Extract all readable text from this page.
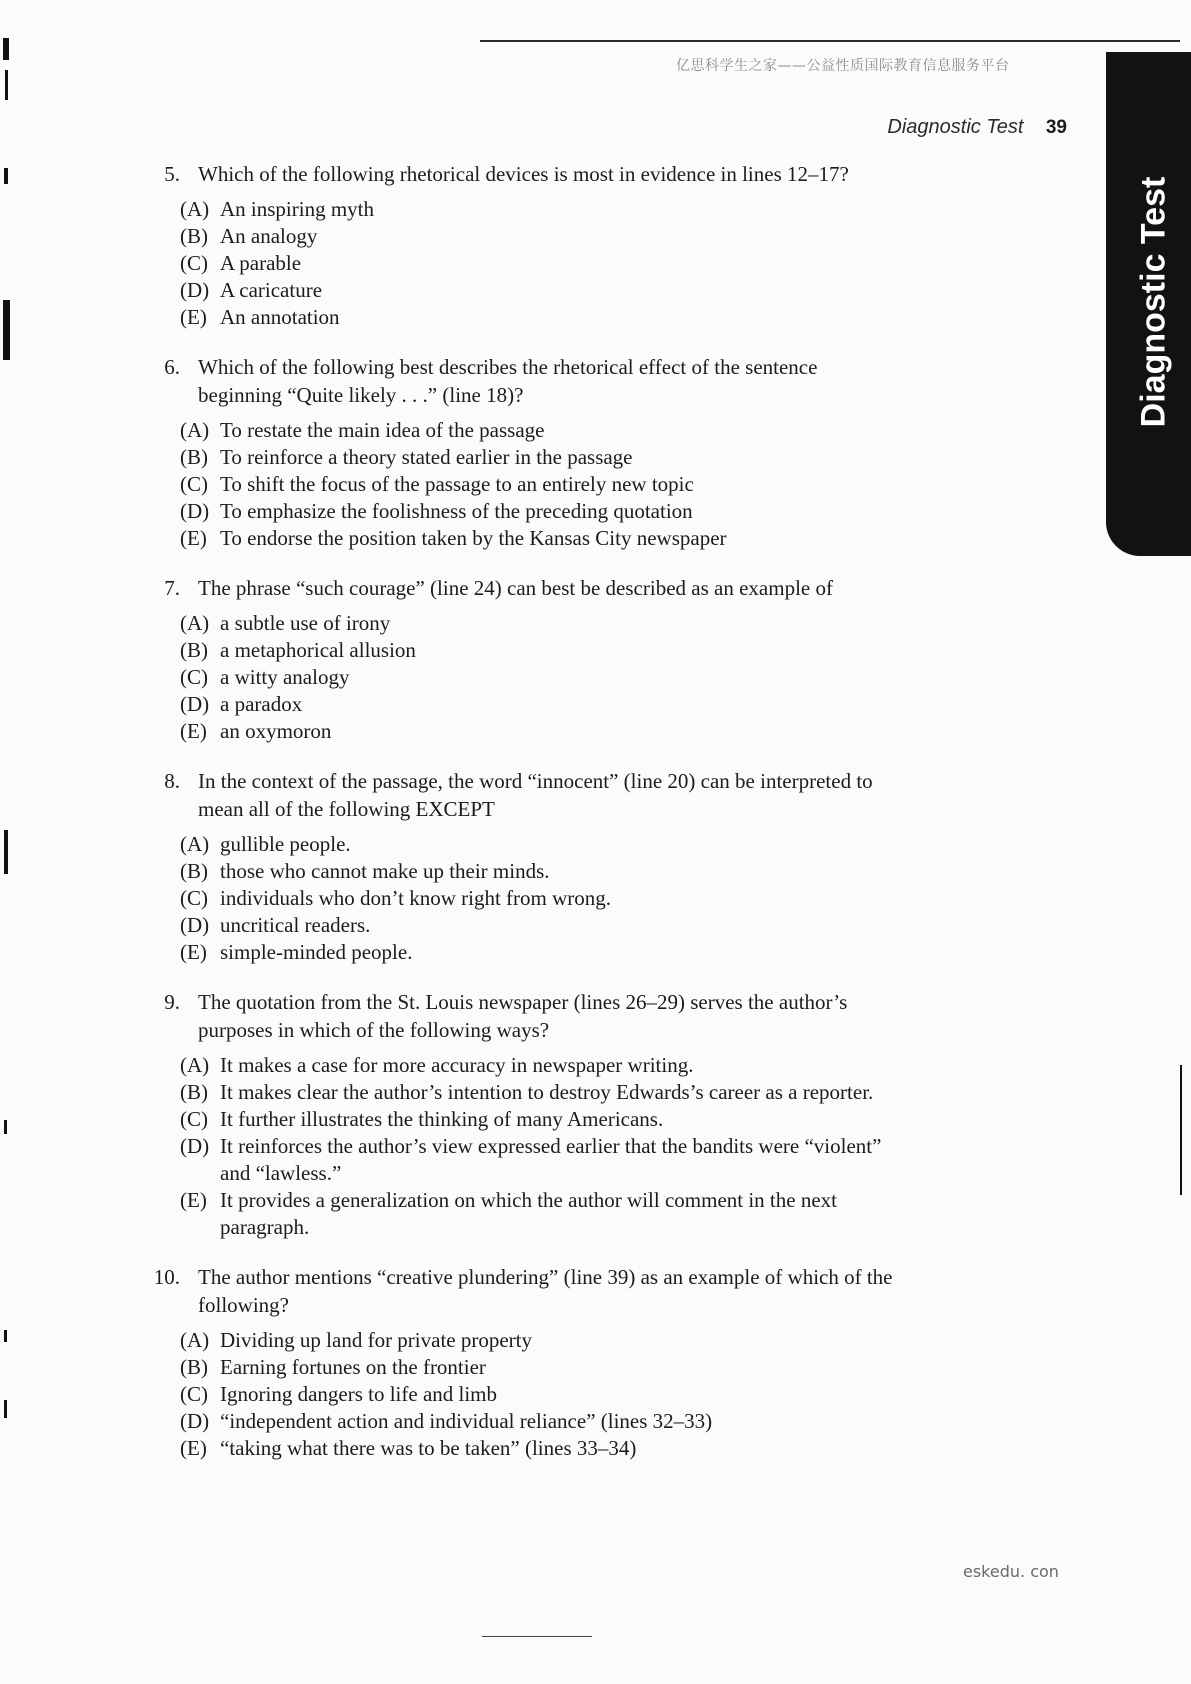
亿思科学生之家——公益性质国际教育信息服务平台
Diagnostic Test 39
Diagnostic Test
5. Which of the following rhetorical devices is most in evidence in lines 12–17?
(A) An inspiring myth
(B) An analogy
(C) A parable
(D) A caricature
(E) An annotation
6. Which of the following best describes the rhetorical effect of the sentence beginning “Quite likely . . .” (line 18)?
(A) To restate the main idea of the passage
(B) To reinforce a theory stated earlier in the passage
(C) To shift the focus of the passage to an entirely new topic
(D) To emphasize the foolishness of the preceding quotation
(E) To endorse the position taken by the Kansas City newspaper
7. The phrase “such courage” (line 24) can best be described as an example of
(A) a subtle use of irony
(B) a metaphorical allusion
(C) a witty analogy
(D) a paradox
(E) an oxymoron
8. In the context of the passage, the word “innocent” (line 20) can be interpreted to mean all of the following EXCEPT
(A) gullible people.
(B) those who cannot make up their minds.
(C) individuals who don’t know right from wrong.
(D) uncritical readers.
(E) simple-minded people.
9. The quotation from the St. Louis newspaper (lines 26–29) serves the author’s purposes in which of the following ways?
(A) It makes a case for more accuracy in newspaper writing.
(B) It makes clear the author’s intention to destroy Edwards’s career as a reporter.
(C) It further illustrates the thinking of many Americans.
(D) It reinforces the author’s view expressed earlier that the bandits were “violent” and “lawless.”
(E) It provides a generalization on which the author will comment in the next paragraph.
10. The author mentions “creative plundering” (line 39) as an example of which of the following?
(A) Dividing up land for private property
(B) Earning fortunes on the frontier
(C) Ignoring dangers to life and limb
(D) “independent action and individual reliance” (lines 32–33)
(E) “taking what there was to be taken” (lines 33–34)
eskedu. con
